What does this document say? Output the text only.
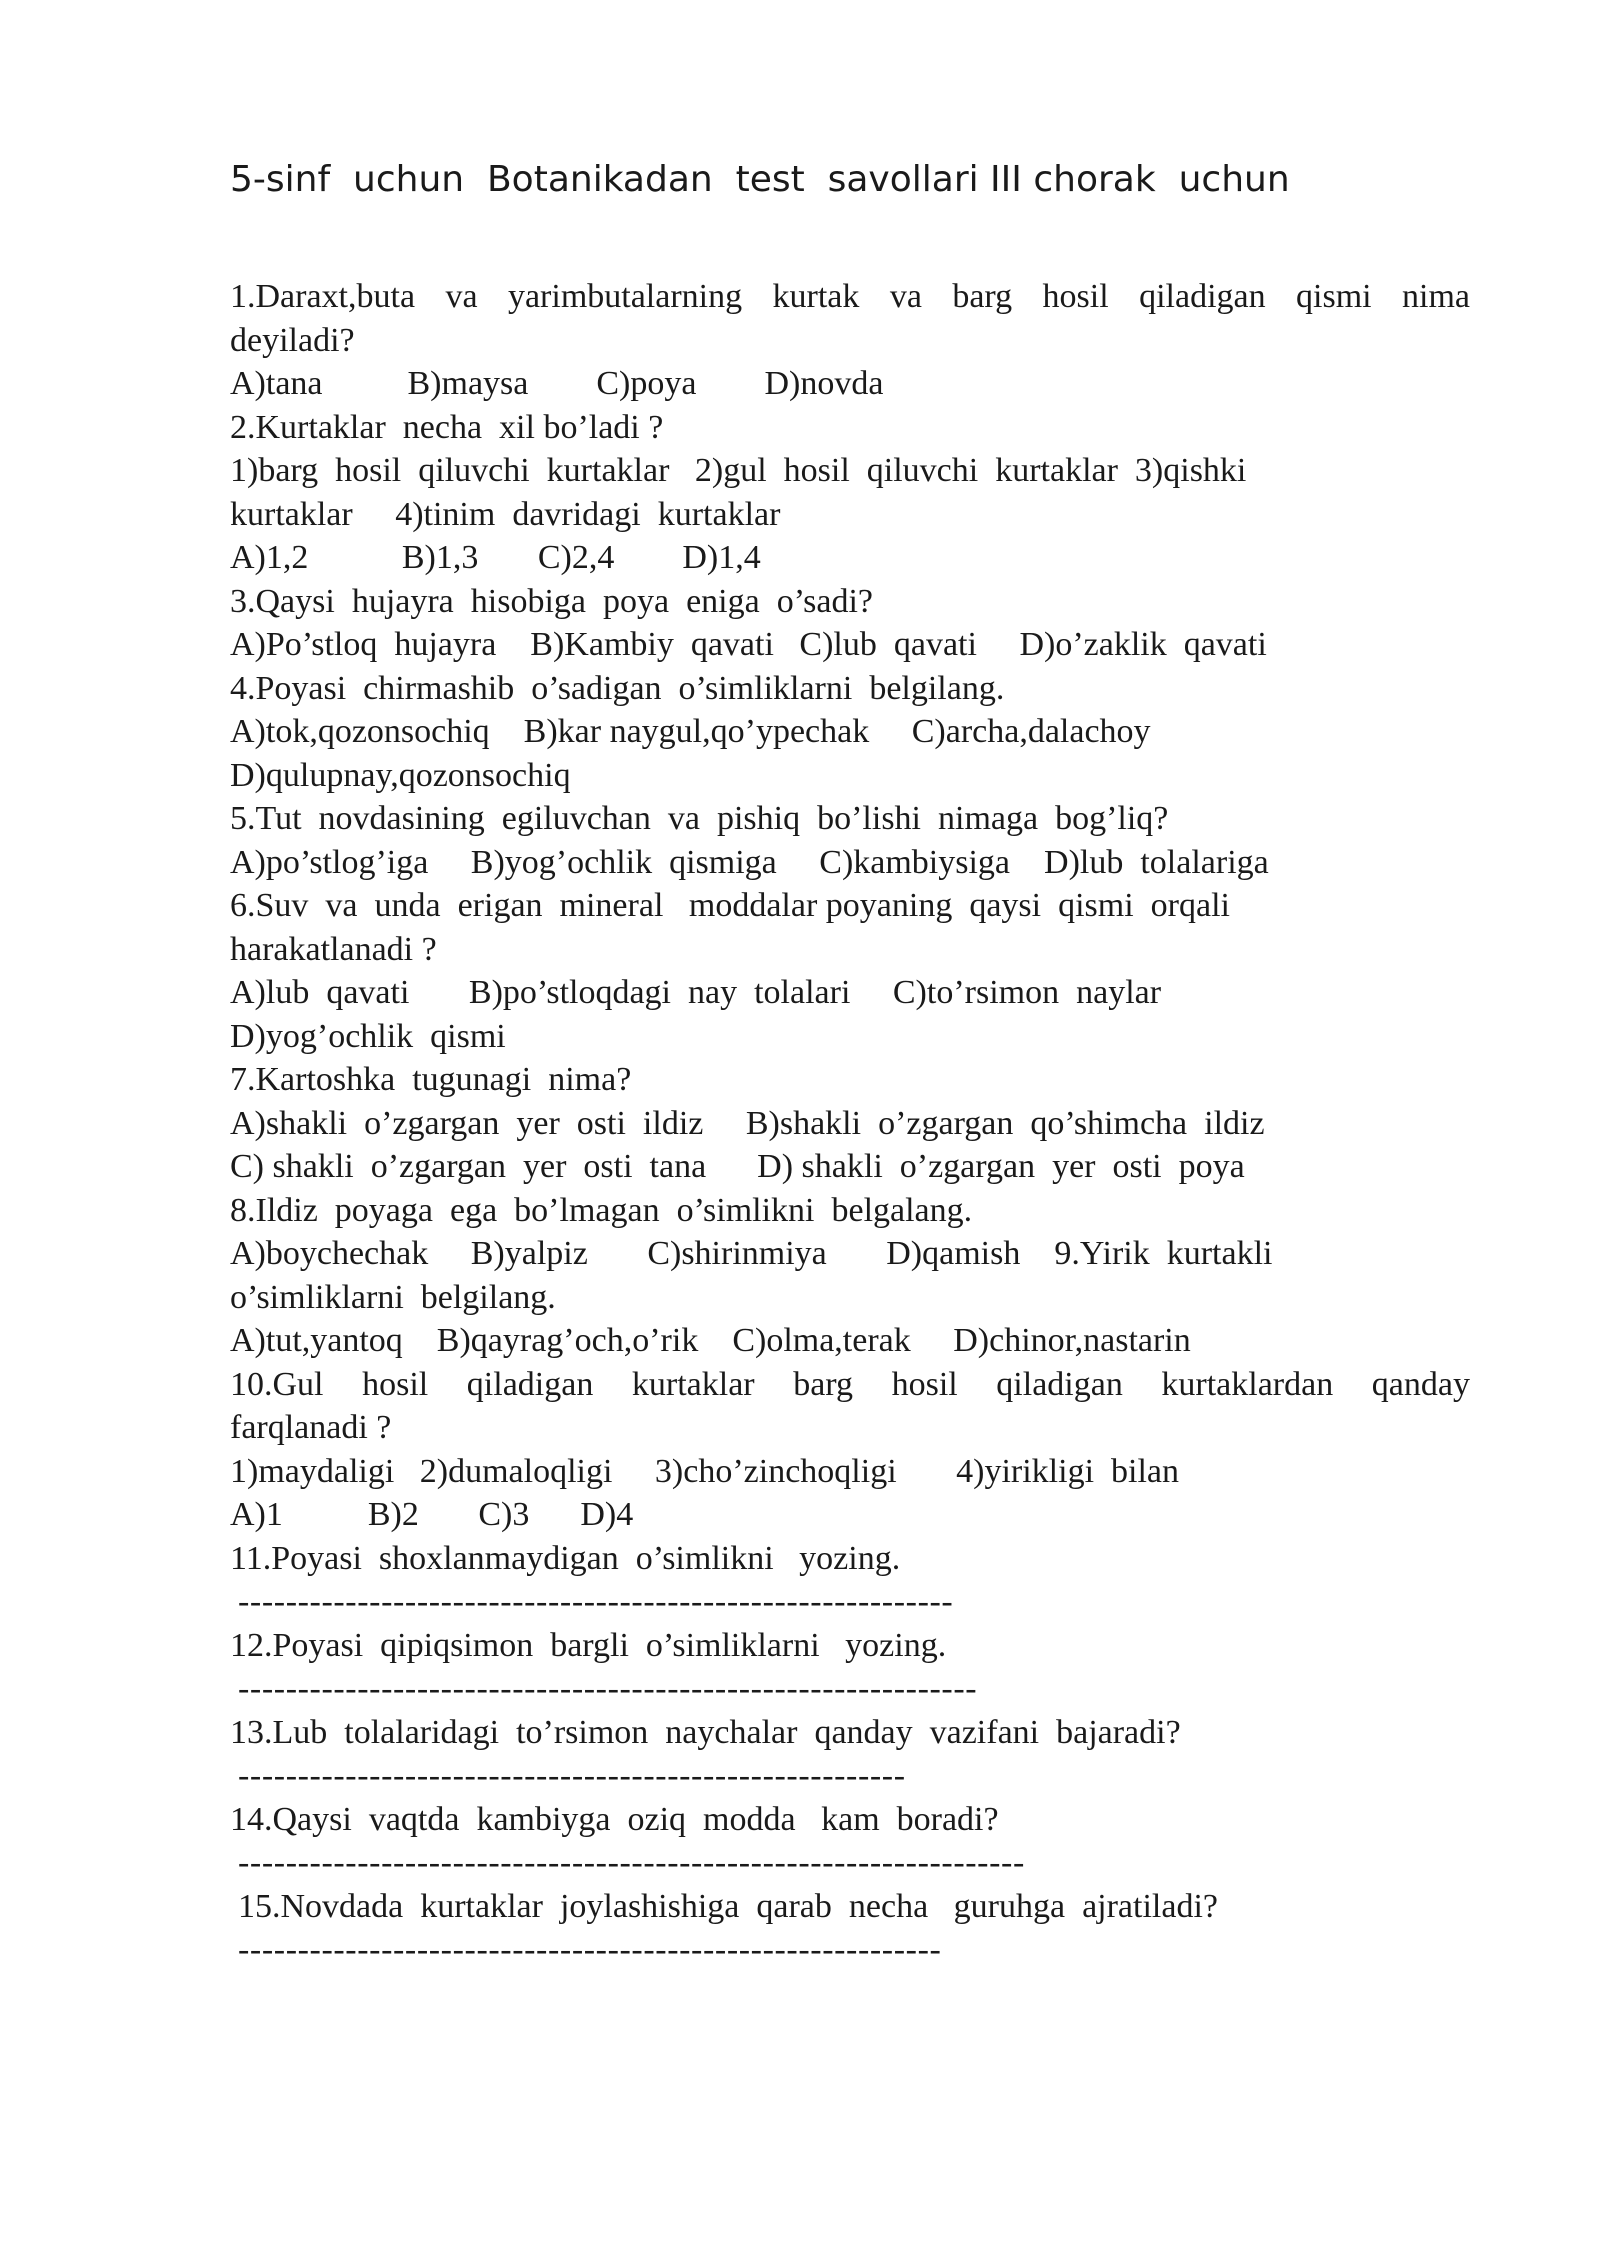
5-sinf  uchun  Botanikadan  test  savollari III chorak  uchun
1.Daraxt,buta va yarimbutalarning kurtak va barg hosil qiladigan qismi nima
deyiladi?
A)tana          B)maysa        C)poya        D)novda
2.Kurtaklar  necha  xil bo’ladi ?
1)barg  hosil  qiluvchi  kurtaklar   2)gul  hosil  qiluvchi  kurtaklar  3)qishki
kurtaklar     4)tinim  davridagi  kurtaklar
A)1,2           B)1,3       C)2,4        D)1,4
3.Qaysi  hujayra  hisobiga  poya  eniga  o’sadi?
A)Po’stloq  hujayra    B)Kambiy  qavati   C)lub  qavati     D)o’zaklik  qavati
4.Poyasi  chirmashib  o’sadigan  o’simliklarni  belgilang.
A)tok,qozonsochiq    B)kar naygul,qo’ypechak     C)archa,dalachoy
D)qulupnay,qozonsochiq
5.Tut  novdasining  egiluvchan  va  pishiq  bo’lishi  nimaga  bog’liq?
A)po’stlog’iga     B)yog’ochlik  qismiga     C)kambiysiga    D)lub  tolalariga
6.Suv  va  unda  erigan  mineral   moddalar poyaning  qaysi  qismi  orqali
harakatlanadi ?
A)lub  qavati       B)po’stloqdagi  nay  tolalari     C)to’rsimon  naylar
D)yog’ochlik  qismi
7.Kartoshka  tugunagi  nima?
A)shakli  o’zgargan  yer  osti  ildiz     B)shakli  o’zgargan  qo’shimcha  ildiz
C) shakli  o’zgargan  yer  osti  tana      D) shakli  o’zgargan  yer  osti  poya
8.Ildiz  poyaga  ega  bo’lmagan  o’simlikni  belgalang.
A)boychechak     B)yalpiz       C)shirinmiya       D)qamish    9.Yirik  kurtakli
o’simliklarni  belgilang.
A)tut,yantoq    B)qayrag’och,o’rik    C)olma,terak     D)chinor,nastarin
10.Gul hosil qiladigan kurtaklar barg hosil qiladigan kurtaklardan qanday
farqlanadi ?
1)maydaligi   2)dumaloqligi     3)cho’zinchoqligi       4)yirikligi  bilan
A)1          B)2       C)3      D)4
11.Poyasi  shoxlanmaydigan  o’simlikni   yozing.
------------------------------------------------------------
12.Poyasi  qipiqsimon  bargli  o’simliklarni   yozing.
--------------------------------------------------------------
13.Lub  tolalaridagi  to’rsimon  naychalar  qanday  vazifani  bajaradi?
--------------------------------------------------------
14.Qaysi  vaqtda  kambiyga  oziq  modda   kam  boradi?
------------------------------------------------------------------
15.Novdada  kurtaklar  joylashishiga  qarab  necha   guruhga  ajratiladi?
-----------------------------------------------------------
